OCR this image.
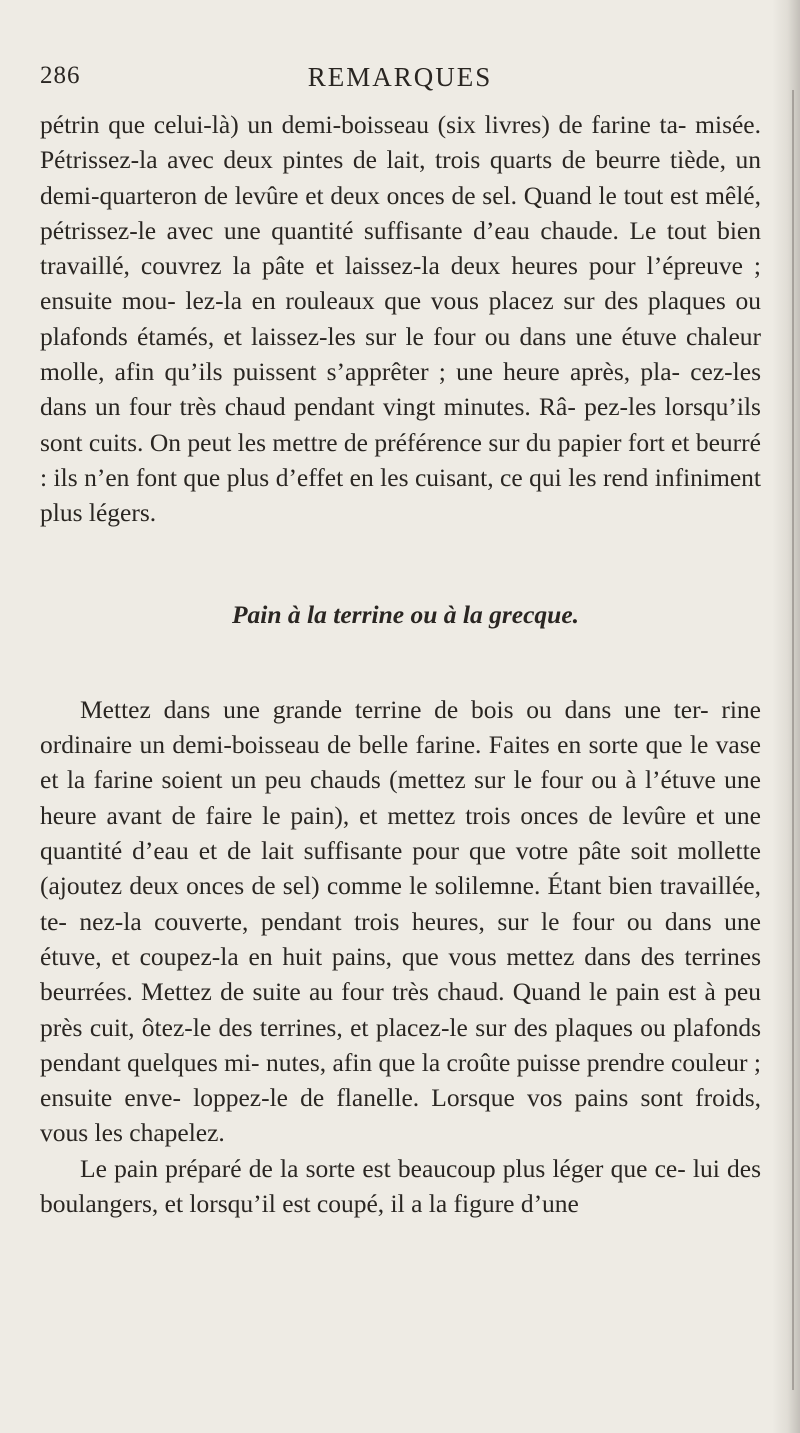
286	REMARQUES

pétrin que celui-là) un demi-boisseau (six livres) de farine ta- misée. Pétrissez-la avec deux pintes de lait, trois quarts de beurre tiède, un demi-quarteron de levûre et deux onces de sel. Quand le tout est mêlé, pétrissez-le avec une quantité suffisante d’eau chaude. Le tout bien travaillé, couvrez la pâte et laissez-la deux heures pour l’épreuve ; ensuite mou- lez-la en rouleaux que vous placez sur des plaques ou plafonds étamés, et laissez-les sur le four ou dans une étuve chaleur molle, afin qu’ils puissent s’apprêter ; une heure après, pla- cez-les dans un four très chaud pendant vingt minutes. Râ- pez-les lorsqu’ils sont cuits. On peut les mettre de préférence sur du papier fort et beurré : ils n’en font que plus d’effet en les cuisant, ce qui les rend infiniment plus légers.

Pain à la terrine ou à la grecque.

Mettez dans une grande terrine de bois ou dans une ter- rine ordinaire un demi-boisseau de belle farine. Faites en sorte que le vase et la farine soient un peu chauds (mettez sur le four ou à l’étuve une heure avant de faire le pain), et mettez trois onces de levûre et une quantité d’eau et de lait suffisante pour que votre pâte soit mollette (ajoutez deux onces de sel) comme le solilemne. Étant bien travaillée, te- nez-la couverte, pendant trois heures, sur le four ou dans une étuve, et coupez-la en huit pains, que vous mettez dans des terrines beurrées. Mettez de suite au four très chaud. Quand le pain est à peu près cuit, ôtez-le des terrines, et placez-le sur des plaques ou plafonds pendant quelques mi- nutes, afin que la croûte puisse prendre couleur ; ensuite enve- loppez-le de flanelle. Lorsque vos pains sont froids, vous les chapelez.

Le pain préparé de la sorte est beaucoup plus léger que ce- lui des boulangers, et lorsqu’il est coupé, il a la figure d’une
